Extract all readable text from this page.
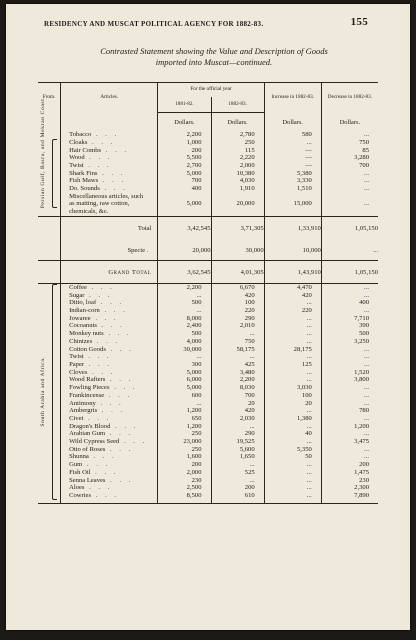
RESIDENCY AND MUSCAT POLITICAL AGENCY FOR 1882-83.	155
Contrasted Statement showing the Value and Description of Goods
imported into Muscat—continued.
From.	Articles.	For the official year		Increase in 1882-83.	Decrease in 1882-83.
		1881-82.	1882-83.		
		Dollars.	Dollars.	Dollars.	Dollars.

Persian Gulf, Basra, and Mekran Coast.	Tobacco . . .	2,200	2,780	580	...
	Cloaks . . .	1,000	250	...	750
	Hair Combs . . .	200	115	—	85
	Wood . . .	5,500	2,220	—	3,280
	Twist . . .	2,700	2,000	—	700
	Shark Fins . . .	5,000	10,380	5,380	...
	Fish Maws . . .	700	4,030	3,330	...
	Do. Sounds . . .	400	1,910	1,510	...

	Miscellaneous articles, such
as matting, raw cotton,
chemicals, &c.	5,000	20,000	15,000	...
	Total	3,42,545	3,71,305	1,33,910	1,05,150
	Specie .	20,000	30,000	10,000	...
	Grand Total	3,62,545	4,01,305	1,43,910	1,05,150

South Arabia and Africa.	Coffee . . .	2,200	6,670	4,470	...
	Sugar . . .	...	420	420	...
	Ditto, loaf . . .	500	100	...	400
	Indian-corn . . .	...	220	220	...
	Jowaree . . .	8,000	290	...	7,710
	Cocoanuts . . .	2,400	2,010	...	390
	Monkey nuts . . .	500	...	...	500
	Chintzes . . .	4,000	750	...	3,250
	Cotton Goods . . .	30,000	58,175	28,175	...
	Twist . . .	...	...	...	...
	Paper . . .	300	425	125	...
	Cloves . . .	5,000	3,480	...	1,520
	Wood Rafters . . .	6,000	2,200	...	3,800
	Fowling Pieces . . .	5,000	8,030	3,030	...
	Frankincense . . .	600	700	100	...
	Antimony . . .	...	20	20	...
	Ambergris . . .	1,200	420	...	780
	Civet . . .	650	2,030	1,380	...
	Dragon's Blood . . .	1,200	...	...	1,200
	Arabian Gum . . .	250	290	40	...
	Wild Cypress Seed . . .	23,000	19,525	...	3,475
	Otto of Roses . . .	250	5,600	5,350	...
	Shunna . . .	1,600	1,650	50	...
	Gum . . .	200	...	...	200
	Fish Oil . . .	2,000	525	...	1,475
	Senna Leaves . . .	230	...	...	230
	Aloes . . .	2,500	200	...	2,300
	Cowries . . .	8,500	610	...	7,890
